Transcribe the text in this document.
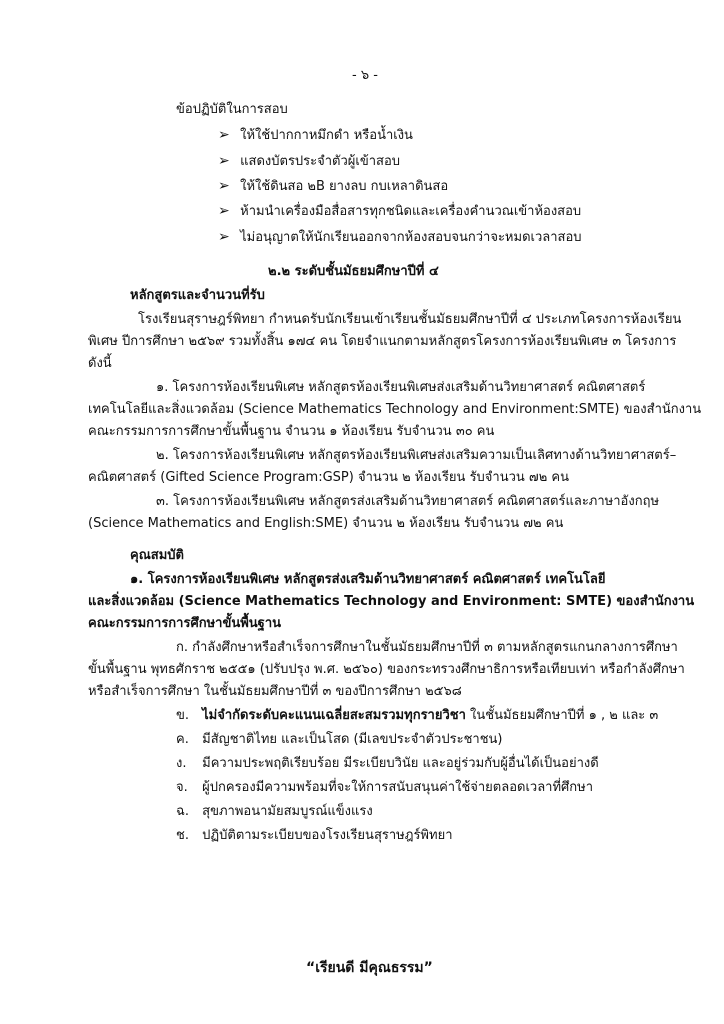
- ๖ -
ข้อปฏิบัติในการสอบ
➢ ให้ใช้ปากกาหมึกดำ หรือน้ำเงิน
➢ แสดงบัตรประจำตัวผู้เข้าสอบ
➢ ให้ใช้ดินสอ ๒B ยางลบ กบเหลาดินสอ
➢ ห้ามนำเครื่องมือสื่อสารทุกชนิดและเครื่องคำนวณเข้าห้องสอบ
➢ ไม่อนุญาตให้นักเรียนออกจากห้องสอบจนกว่าจะหมดเวลาสอบ
๒.๒ ระดับชั้นมัธยมศึกษาปีที่ ๔
หลักสูตรและจำนวนที่รับ
โรงเรียนสุราษฎร์พิทยา กำหนดรับนักเรียนเข้าเรียนชั้นมัธยมศึกษาปีที่ ๔ ประเภทโครงการห้องเรียน
พิเศษ ปีการศึกษา ๒๕๖๙ รวมทั้งสิ้น ๑๗๔ คน โดยจำแนกตามหลักสูตรโครงการห้องเรียนพิเศษ ๓ โครงการ
ดังนี้
๑. โครงการห้องเรียนพิเศษ หลักสูตรห้องเรียนพิเศษส่งเสริมด้านวิทยาศาสตร์ คณิตศาสตร์
เทคโนโลยีและสิ่งแวดล้อม (Science Mathematics Technology and Environment:SMTE) ของสำนักงาน
คณะกรรมการการศึกษาขั้นพื้นฐาน จำนวน ๑ ห้องเรียน รับจำนวน ๓๐ คน
๒. โครงการห้องเรียนพิเศษ หลักสูตรห้องเรียนพิเศษส่งเสริมความเป็นเลิศทางด้านวิทยาศาสตร์–
คณิตศาสตร์ (Gifted Science Program:GSP) จำนวน ๒ ห้องเรียน รับจำนวน ๗๒ คน
๓. โครงการห้องเรียนพิเศษ หลักสูตรส่งเสริมด้านวิทยาศาสตร์ คณิตศาสตร์และภาษาอังกฤษ
(Science Mathematics and English:SME) จำนวน ๒ ห้องเรียน รับจำนวน ๗๒ คน
คุณสมบัติ
๑. โครงการห้องเรียนพิเศษ หลักสูตรส่งเสริมด้านวิทยาศาสตร์ คณิตศาสตร์ เทคโนโลยี
และสิ่งแวดล้อม (Science Mathematics Technology and Environment: SMTE) ของสำนักงาน
คณะกรรมการการศึกษาขั้นพื้นฐาน
ก. กำลังศึกษาหรือสำเร็จการศึกษาในชั้นมัธยมศึกษาปีที่ ๓ ตามหลักสูตรแกนกลางการศึกษา
ขั้นพื้นฐาน พุทธศักราช ๒๕๕๑ (ปรับปรุง พ.ศ. ๒๕๖๐) ของกระทรวงศึกษาธิการหรือเทียบเท่า หรือกำลังศึกษา
หรือสำเร็จการศึกษา ในชั้นมัธยมศึกษาปีที่ ๓ ของปีการศึกษา ๒๕๖๘
ข. ไม่จำกัดระดับคะแนนเฉลี่ยสะสมรวมทุกรายวิชา ในชั้นมัธยมศึกษาปีที่ ๑ , ๒ และ ๓
ค. มีสัญชาติไทย และเป็นโสด (มีเลขประจำตัวประชาชน)
ง. มีความประพฤติเรียบร้อย มีระเบียบวินัย และอยู่ร่วมกับผู้อื่นได้เป็นอย่างดี
จ. ผู้ปกครองมีความพร้อมที่จะให้การสนับสนุนค่าใช้จ่ายตลอดเวลาที่ศึกษา
ฉ. สุขภาพอนามัยสมบูรณ์แข็งแรง
ช. ปฏิบัติตามระเบียบของโรงเรียนสุราษฎร์พิทยา
“เรียนดี มีคุณธรรม”
